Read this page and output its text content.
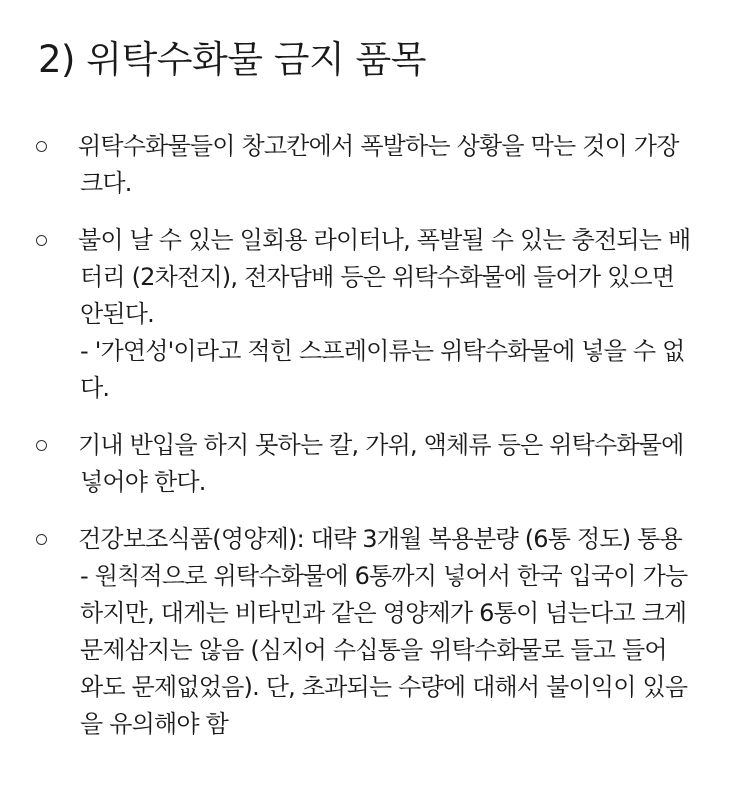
2) 위탁수화물 금지 품목
위탁수화물들이 창고칸에서 폭발하는 상황을 막는 것이 가장
크다.
불이 날 수 있는 일회용 라이터나, 폭발될 수 있는 충전되는 배
터리 (2차전지), 전자담배 등은 위탁수화물에 들어가 있으면
안된다.
- '가연성'이라고 적힌 스프레이류는 위탁수화물에 넣을 수 없
다.
기내 반입을 하지 못하는 칼, 가위, 액체류 등은 위탁수화물에
넣어야 한다.
건강보조식품(영양제): 대략 3개월 복용분량 (6통 정도) 통용
- 원칙적으로 위탁수화물에 6통까지 넣어서 한국 입국이 가능
하지만, 대게는 비타민과 같은 영양제가 6통이 넘는다고 크게
문제삼지는 않음 (심지어 수십통을 위탁수화물로 들고 들어
와도 문제없었음). 단, 초과되는 수량에 대해서 불이익이 있음
을 유의해야 함
